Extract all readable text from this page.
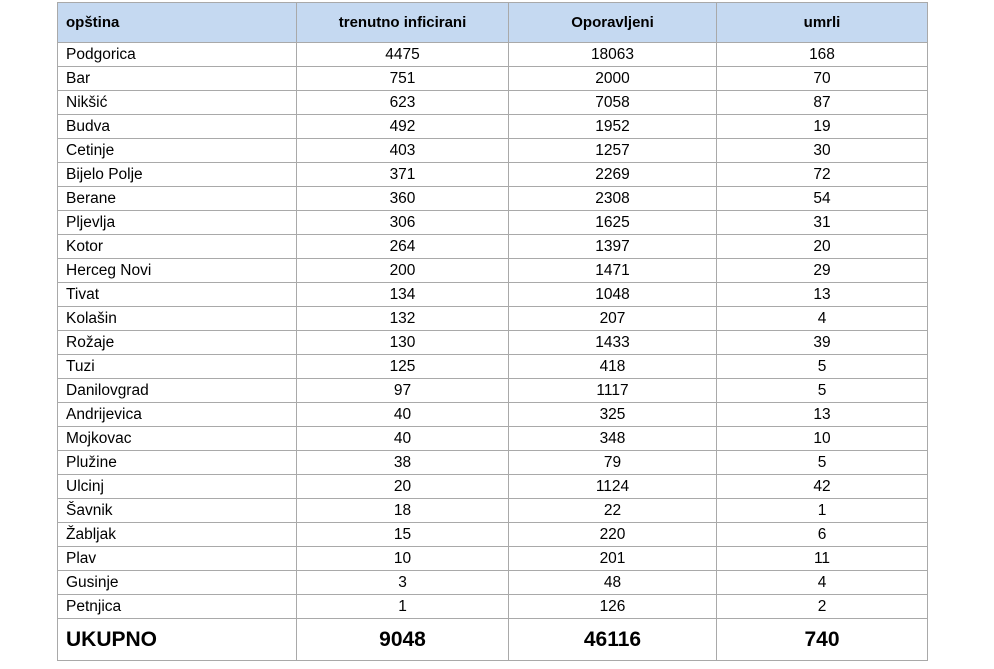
opština	trenutno inficirani	Oporavljeni	umrli
Podgorica	4475	18063	168
Bar	751	2000	70
Nikšić	623	7058	87
Budva	492	1952	19
Cetinje	403	1257	30
Bijelo Polje	371	2269	72
Berane	360	2308	54
Pljevlja	306	1625	31
Kotor	264	1397	20
Herceg Novi	200	1471	29
Tivat	134	1048	13
Kolašin	132	207	4
Rožaje	130	1433	39
Tuzi	125	418	5
Danilovgrad	97	1117	5
Andrijevica	40	325	13
Mojkovac	40	348	10
Plužine	38	79	5
Ulcinj	20	1124	42
Šavnik	18	22	1
Žabljak	15	220	6
Plav	10	201	11
Gusinje	3	48	4
Petnjica	1	126	2
UKUPNO	9048	46116	740
